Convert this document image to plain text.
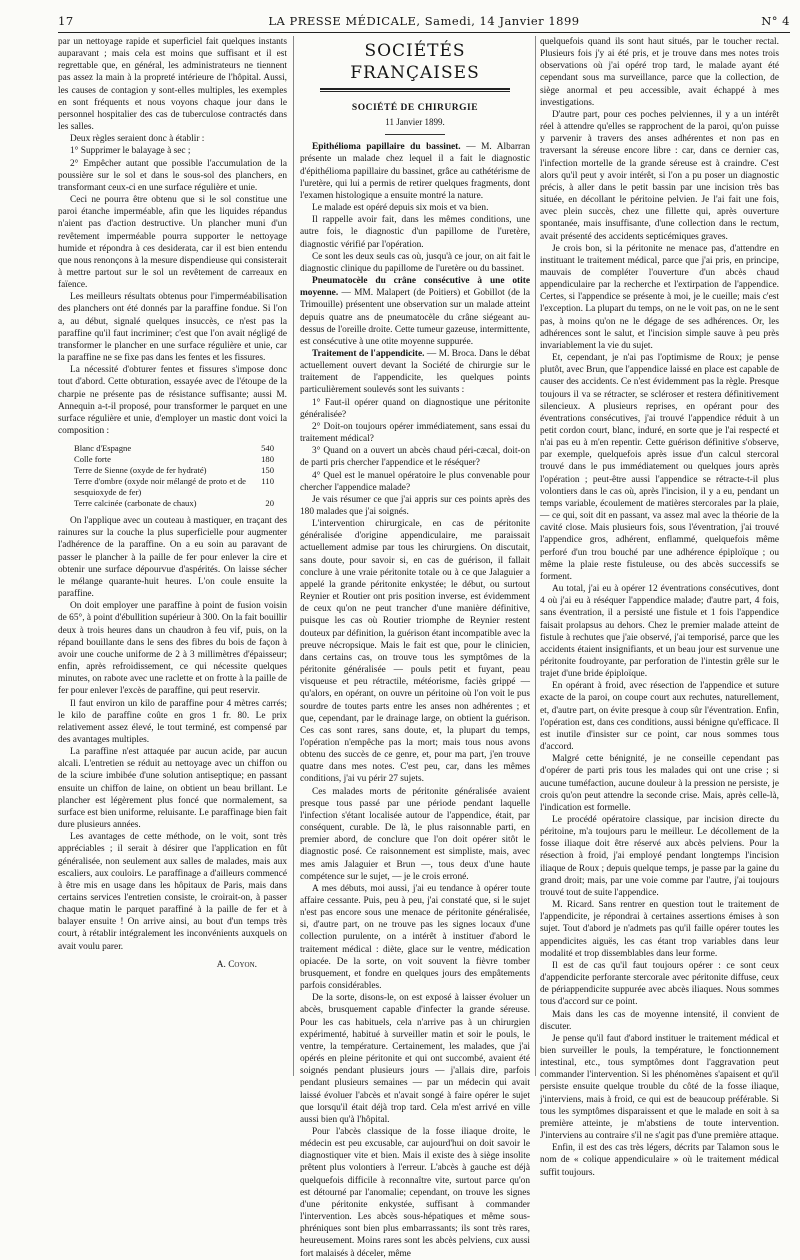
17	LA PRESSE MÉDICALE, Samedi, 14 Janvier 1899	N° 4

par un nettoyage rapide et superficiel fait quelques instants auparavant ; mais cela est moins que suffisant et il est regrettable que, en général, les administrateurs ne tiennent pas assez la main à la propreté intérieure de l'hôpital. Aussi, les causes de contagion y sont-elles multiples, les exemples en sont fréquents et nous voyons chaque jour dans le personnel hospitalier des cas de tuberculose contractés dans les salles.

Deux règles seraient donc à établir :

1° Supprimer le balayage à sec ;

2° Empêcher autant que possible l'accumulation de la poussière sur le sol et dans le sous-sol des planchers, en transformant ceux-ci en une surface régulière et unie.

Ceci ne pourra être obtenu que si le sol constitue une paroi étanche imperméable, afin que les liquides répandus n'aient pas d'action destructive. Un plancher muni d'un revêtement imperméable pourra supporter le nettoyage humide et répondra à ces desiderata, car il est bien entendu que nous renonçons à la mesure dispendieuse qui consisterait à mettre partout sur le sol un revêtement de carreaux en faïence.

Les meilleurs résultats obtenus pour l'imperméabilisation des planchers ont été donnés par la paraffine fondue. Si l'on a, au début, signalé quelques insuccès, ce n'est pas la paraffine qu'il faut incriminer; c'est que l'on avait négligé de transformer le plancher en une surface régulière et unie, car la paraffine ne se fixe pas dans les fentes et les fissures.

La nécessité d'obturer fentes et fissures s'impose donc tout d'abord. Cette obturation, essayée avec de l'étoupe de la charpie ne présente pas de résistance suffisante; aussi M. Annequin a-t-il proposé, pour transformer le parquet en une surface régulière et unie, d'employer un mastic dont voici la composition :

Blanc d'Espagne	540
Colle forte	180
Terre de Sienne (oxyde de fer hydraté)	150
Terre d'ombre (oxyde noir mélangé de proto et de sesquioxyde de fer)	110
Terre calcinée (carbonate de chaux)	20

On l'applique avec un couteau à mastiquer, en traçant des rainures sur la couche la plus superficielle pour augmenter l'adhérence de la paraffine. On a eu soin au paravant de passer le plancher à la paille de fer pour enlever la cire et obtenir une surface dépourvue d'aspérités. On laisse sécher le mélange quarante-huit heures. L'on coule ensuite la paraffine.

On doit employer une paraffine à point de fusion voisin de 65°, à point d'ébullition supérieur à 300. On la fait bouillir deux à trois heures dans un chaudron à feu vif, puis, on la répand bouillante dans le sens des fibres du bois de façon à avoir une couche uniforme de 2 à 3 millimètres d'épaisseur; enfin, après refroidissement, ce qui nécessite quelques minutes, on rabote avec une raclette et on frotte à la paille de fer pour enlever l'excès de paraffine, qui peut reservir.

Il faut environ un kilo de paraffine pour 4 mètres carrés; le kilo de paraffine coûte en gros 1 fr. 80. Le prix relativement assez élevé, le tout terminé, est compensé par des avantages multiples.

La paraffine n'est attaquée par aucun acide, par aucun alcali. L'entretien se réduit au nettoyage avec un chiffon ou de la sciure imbibée d'une solution antiseptique; en passant ensuite un chiffon de laine, on obtient un beau brillant. Le plancher est légèrement plus foncé que normalement, sa surface est bien uniforme, reluisante. Le paraffinage bien fait dure plusieurs années.

Les avantages de cette méthode, on le voit, sont très appréciables ; il serait à désirer que l'application en fût généralisée, non seulement aux salles de malades, mais aux escaliers, aux couloirs. Le paraffinage a d'ailleurs commencé à être mis en usage dans les hôpitaux de Paris, mais dans certains services l'entretien consiste, le croirait-on, à passer chaque matin le parquet paraffiné à la paille de fer et à balayer ensuite ! On arrive ainsi, au bout d'un temps très court, à rétablir intégralement les inconvénients auxquels on avait voulu parer.

A. Coyon.
SOCIÉTÉS FRANÇAISES
SOCIÉTÉ DE CHIRURGIE
11 Janvier 1899.

Epithélioma papillaire du bassinet. — M. Albarran présente un malade chez lequel il a fait le diagnostic d'épithélioma papillaire du bassinet, grâce au cathétérisme de l'uretère, qui lui a permis de retirer quelques fragments, dont l'examen histologique a ensuite montré la nature.

Le malade est opéré depuis six mois et va bien.

Il rappelle avoir fait, dans les mêmes conditions, une autre fois, le diagnostic d'un papillome de l'uretère, diagnostic vérifié par l'opération.

Ce sont les deux seuls cas où, jusqu'à ce jour, on ait fait le diagnostic clinique du papillome de l'uretère ou du bassinet.

Pneumatocèle du crâne consécutive à une otite moyenne. — MM. Malapert (de Poitiers) et Gobillot (de la Trimouille) présentent une observation sur un malade atteint depuis quatre ans de pneumatocèle du crâne siégeant au-dessus de l'oreille droite. Cette tumeur gazeuse, intermittente, est consécutive à une otite moyenne suppurée.

Traitement de l'appendicite. — M. Broca. Dans le débat actuellement ouvert devant la Société de chirurgie sur le traitement de l'appendicite, les quelques points particulièrement soulevés sont les suivants :

1° Faut-il opérer quand on diagnostique une péritonite généralisée?

2° Doit-on toujours opérer immédiatement, sans essai du traitement médical?

3° Quand on a ouvert un abcès chaud péri-cæcal, doit-on de parti pris chercher l'appendice et le réséquer?

4° Quel est le manuel opératoire le plus convenable pour chercher l'appendice malade?

Je vais résumer ce que j'ai appris sur ces points après des 180 malades que j'ai soignés.

L'intervention chirurgicale, en cas de péritonite généralisée d'origine appendiculaire, me paraissait actuellement admise par tous les chirurgiens. On discutait, sans doute, pour savoir si, en cas de guérison, il fallait conclure à une vraie péritonite totale ou à ce que Jalaguier a appelé la grande péritonite enkystée; le début, ou surtout Reynier et Routier ont pris position inverse, est évidemment de ceux qu'on ne peut trancher d'une manière définitive, puisque les cas où Routier triomphe de Reynier restent douteux par définition, la guérison étant incompatible avec la preuve nécropsique. Mais le fait est que, pour le clinicien, dans certains cas, on trouve tous les symptômes de la péritonite généralisée — pouls petit et fuyant, peau visqueuse et peu rétractile, météorisme, faciès grippé — qu'alors, en opérant, on ouvre un péritoine où l'on voit le pus sourdre de toutes parts entre les anses non adhérentes ; et que, cependant, par le drainage large, on obtient la guérison. Ces cas sont rares, sans doute, et, la plupart du temps, l'opération n'empêche pas la mort; mais tous nous avons obtenu des succès de ce genre, et, pour ma part, j'en trouve quatre dans mes notes. C'est peu, car, dans les mêmes conditions, j'ai vu périr 27 sujets.

Ces malades morts de péritonite généralisée avaient presque tous passé par une période pendant laquelle l'infection s'étant localisée autour de l'appendice, était, par conséquent, curable. De là, le plus raisonnable parti, en premier abord, de conclure que l'on doit opérer sitôt le diagnostic posé. Ce raisonnement est simpliste, mais, avec mes amis Jalaguier et Brun —, tous deux d'une haute compétence sur le sujet, — je le crois erroné.

A mes débuts, moi aussi, j'ai eu tendance à opérer toute affaire cessante. Puis, peu à peu, j'ai constaté que, si le sujet n'est pas encore sous une menace de péritonite généralisée, si, d'autre part, on ne trouve pas les signes locaux d'une collection purulente, on a intérêt à instituer d'abord le traitement médical : diète, glace sur le ventre, médication opiacée. De la sorte, on voit souvent la fièvre tomber brusquement, et fondre en quelques jours des empâtements parfois considérables.

De la sorte, disons-le, on est exposé à laisser évoluer un abcès, brusquement capable d'infecter la grande séreuse. Pour les cas habituels, cela n'arrive pas à un chirurgien expérimenté, habitué à surveiller matin et soir le pouls, le ventre, la température. Certainement, les malades, que j'ai opérés en pleine péritonite et qui ont succombé, avaient été soignés pendant plusieurs jours — j'allais dire, parfois pendant plusieurs semaines — par un médecin qui avait laissé évoluer l'abcès et n'avait songé à faire opérer le sujet que lorsqu'il était déjà trop tard. Cela m'est arrivé en ville aussi bien qu'à l'hôpital.

Pour l'abcès classique de la fosse iliaque droite, le médecin est peu excusable, car aujourd'hui on doit savoir le diagnostiquer vite et bien. Mais il existe des à siège insolite prêtent plus volontiers à l'erreur. L'abcès à gauche est déjà quelquefois difficile à reconnaître vite, surtout parce qu'on est détourné par l'anomalie; cependant, on trouve les signes d'une péritonite enkystée, suffisant à commander l'intervention. Les abcès sous-hépatiques et même sous-phréniques sont bien plus embarrassants; ils sont très rares, heureusement. Moins rares sont les abcès pelviens, cux aussi fort malaisés à déceler, même

quelquefois quand ils sont haut situés, par le toucher rectal. Plusieurs fois j'y ai été pris, et je trouve dans mes notes trois observations où j'ai opéré trop tard, le malade ayant été cependant sous ma surveillance, parce que la collection, de siège anormal et peu accessible, avait échappé à mes investigations.

D'autre part, pour ces poches pelviennes, il y a un intérêt réel à attendre qu'elles se rapprochent de la paroi, qu'on puisse y parvenir à travers des anses adhérentes et non pas en traversant la séreuse encore libre : car, dans ce dernier cas, l'infection mortelle de la grande séreuse est à craindre. C'est alors qu'il peut y avoir intérêt, si l'on a pu poser un diagnostic précis, à aller dans le petit bassin par une incision très bas située, en décollant le péritoine pelvien. Je l'ai fait une fois, avec plein succès, chez une fillette qui, après ouverture spontanée, mais insuffisante, d'une collection dans le rectum, avait présenté des accidents septicémiques graves.

Je crois bon, si la péritonite ne menace pas, d'attendre en instituant le traitement médical, parce que j'ai pris, en principe, mauvais de compléter l'ouverture d'un abcès chaud appendiculaire par la recherche et l'extirpation de l'appendice. Certes, si l'appendice se présente à moi, je le cueille; mais c'est l'exception. La plupart du temps, on ne le voit pas, on ne le sent pas, à moins qu'on ne le dégage de ses adhérences. Or, les adhérences sont le salut, et l'incision simple sauve à peu près invariablement la vie du sujet.

Et, cependant, je n'ai pas l'optimisme de Roux; je pense plutôt, avec Brun, que l'appendice laissé en place est capable de causer des accidents. Ce n'est évidemment pas la règle. Presque toujours il va se rétracter, se scléroser et restera définitivement silencieux. A plusieurs reprises, en opérant pour des éventrations consécutives, j'ai trouvé l'appendice réduit à un petit cordon court, blanc, induré, en sorte que je l'ai respecté et n'ai pas eu à m'en repentir. Cette guérison définitive s'observe, par exemple, quelquefois après issue d'un calcul stercoral trouvé dans le pus immédiatement ou quelques jours après l'opération ; peut-être aussi l'appendice se rétracte-t-il plus volontiers dans le cas où, après l'incision, il y a eu, pendant un temps variable, écoulement de matières stercorales par la plaie, — ce qui, soit dit en passant, va assez mal avec la théorie de la cavité close. Mais plusieurs fois, sous l'éventration, j'ai trouvé l'appendice gros, adhérent, enflammé, quelquefois même perforé d'un trou bouché par une adhérence épiploïque ; ou même la plaie reste fistuleuse, ou des abcès successifs se forment.

Au total, j'ai eu à opérer 12 éventrations consécutives, dont 4 où j'ai eu à réséquer l'appendice malade; d'autre part, 4 fois, sans éventration, il a persisté une fistule et 1 fois l'appendice faisait prolapsus au dehors. Chez le premier malade atteint de fistule à rechutes que j'aie observé, j'ai temporisé, parce que les accidents étaient insignifiants, et un beau jour est survenue une péritonite foudroyante, par perforation de l'intestin grêle sur le trajet d'une bride épiploïque.

En opérant à froid, avec résection de l'appendice et suture exacte de la paroi, on coupe court aux rechutes, naturellement, et, d'autre part, on évite presque à coup sûr l'éventration. Enfin, l'opération est, dans ces conditions, aussi bénigne qu'efficace. Il est inutile d'insister sur ce point, car nous sommes tous d'accord.

Malgré cette bénignité, je ne conseille cependant pas d'opérer de parti pris tous les malades qui ont une crise ; si aucune tuméfaction, aucune douleur à la pression ne persiste, je crois qu'on peut attendre la seconde crise. Mais, après celle-là, l'indication est formelle.

Le procédé opératoire classique, par incision directe du péritoine, m'a toujours paru le meilleur. Le décollement de la fosse iliaque doit être réservé aux abcès pelviens. Pour la résection à froid, j'ai employé pendant longtemps l'incision iliaque de Roux ; depuis quelque temps, je passe par la gaine du grand droit; mais, par une voie comme par l'autre, j'ai toujours trouvé tout de suite l'appendice.

M. Ricard. Sans rentrer en question tout le traitement de l'appendicite, je répondrai à certaines assertions émises à son sujet. Tout d'abord je n'admets pas qu'il faille opérer toutes les appendicites aiguës, les cas étant trop variables dans leur modalité et trop dissemblables dans leur forme.

Il est de cas qu'il faut toujours opérer : ce sont ceux d'appendicite perforante stercorale avec péritonite diffuse, ceux de périappendicite suppurée avec abcès iliaques. Nous sommes tous d'accord sur ce point.

Mais dans les cas de moyenne intensité, il convient de discuter.

Je pense qu'il faut d'abord instituer le traitement médical et bien surveiller le pouls, la température, le fonctionnement intestinal, etc., tous symptômes dont l'aggravation peut commander l'intervention. Si les phénomènes s'apaisent et qu'il persiste ensuite quelque trouble du côté de la fosse iliaque, j'interviens, mais à froid, ce qui est de beaucoup préférable. Si tous les symptômes disparaissent et que le malade en soit à sa première atteinte, je m'abstiens de toute intervention. J'interviens au contraire s'il ne s'agit pas d'une première attaque.

Enfin, il est des cas très légers, décrits par Talamon sous le nom de « colique appendiculaire » où le traitement médical suffit toujours.
